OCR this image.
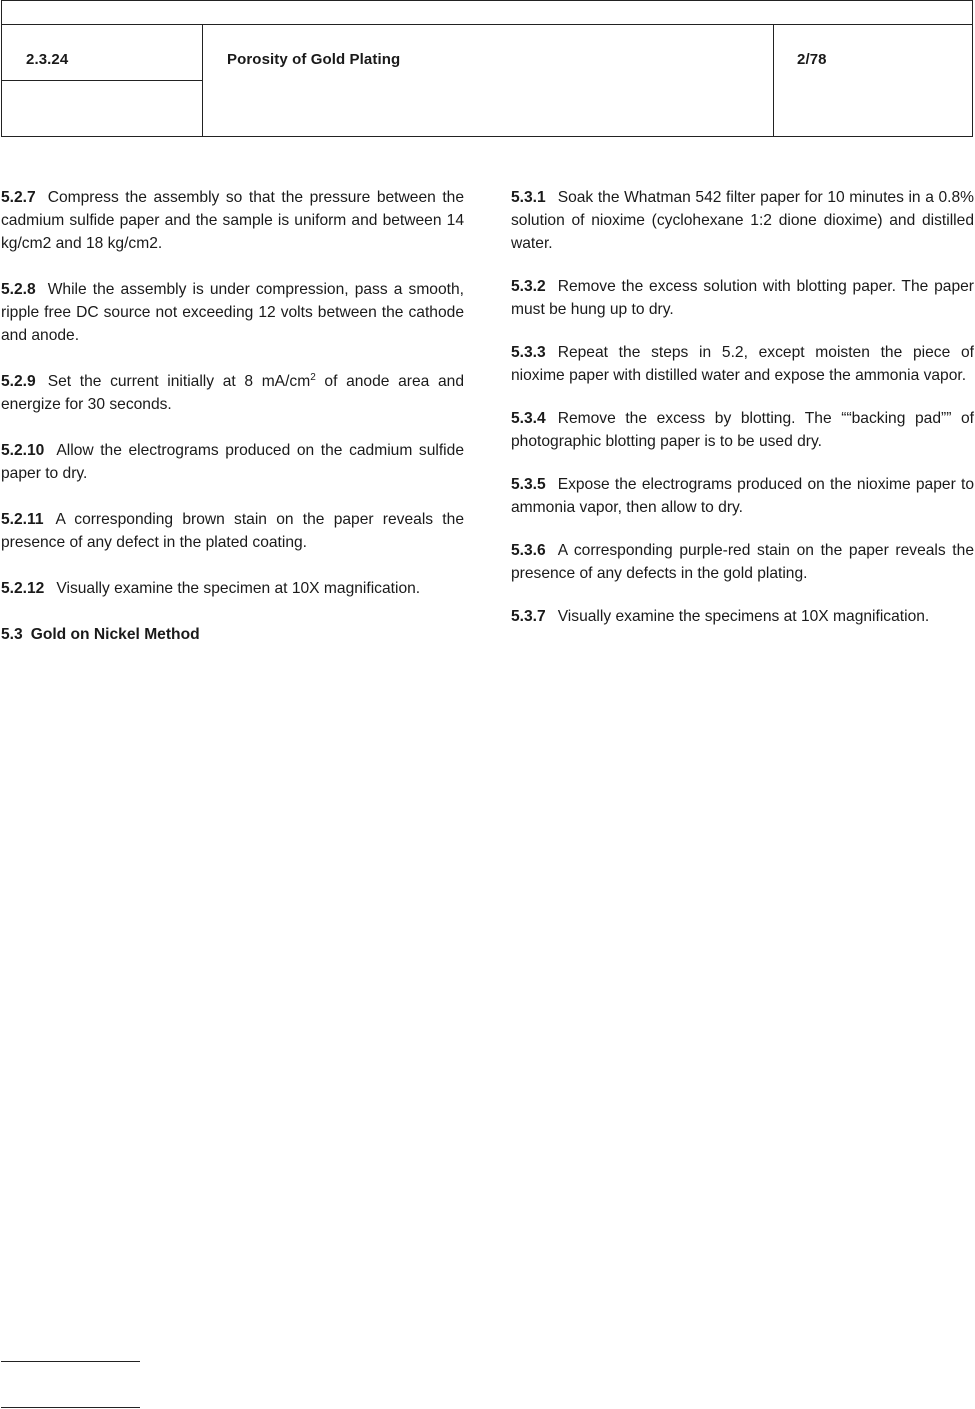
2.3.24	Porosity of Gold Plating	2/78

5.2.7 Compress the assembly so that the pressure between the cadmium sulfide paper and the sample is uniform and between 14 kg/cm2 and 18 kg/cm2.

5.2.8 While the assembly is under compression, pass a smooth, ripple free DC source not exceeding 12 volts between the cathode and anode.

5.2.9 Set the current initially at 8 $mA/cm^2$ of anode area and energize for 30 seconds.

5.2.10 Allow the electrograms produced on the cadmium sulfide paper to dry.

5.2.11 A corresponding brown stain on the paper reveals the presence of any defect in the plated coating.

5.2.12 Visually examine the specimen at 10X magnification.

5.3 Gold on Nickel Method

5.3.1 Soak the Whatman 542 filter paper for 10 minutes in a 0.8% solution of nioxime (cyclohexane 1:2 dione dioxime) and distilled water.

5.3.2 Remove the excess solution with blotting paper. The paper must be hung up to dry.

5.3.3 Repeat the steps in 5.2, except moisten the piece of nioxime paper with distilled water and expose the ammonia vapor.

5.3.4 Remove the excess by blotting. The ““backing pad”” of photographic blotting paper is to be used dry.

5.3.5 Expose the electrograms produced on the nioxime paper to ammonia vapor, then allow to dry.

5.3.6 A corresponding purple-red stain on the paper reveals the presence of any defects in the gold plating.

5.3.7 Visually examine the specimens at 10X magnification.
